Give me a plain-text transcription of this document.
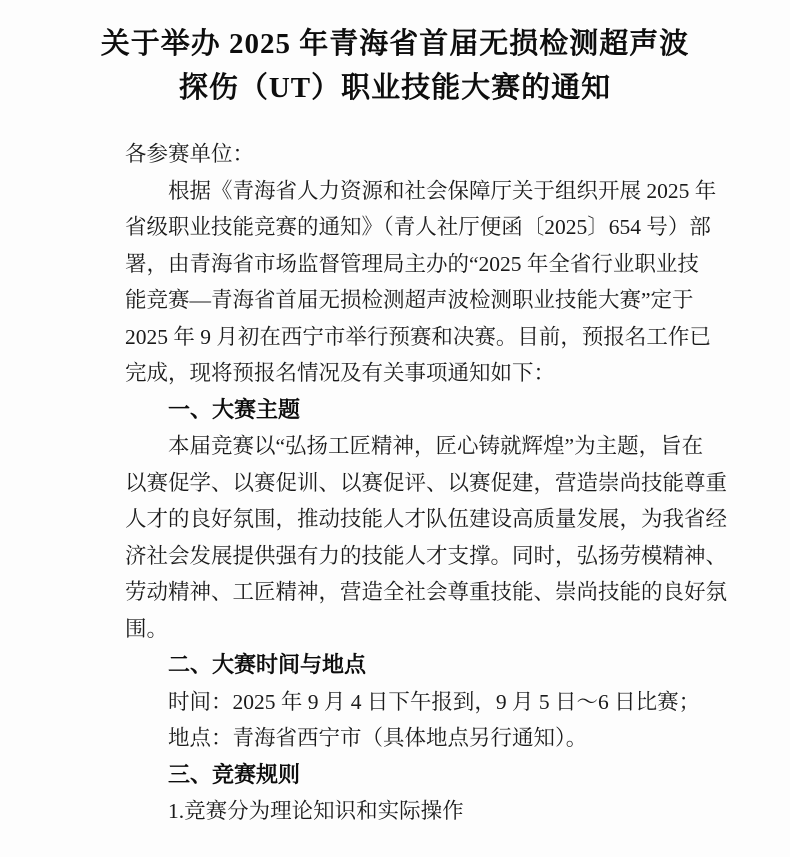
关于举办 2025 年青海省首届无损检测超声波
探伤（UT）职业技能大赛的通知
各参赛单位：
根据《青海省人力资源和社会保障厅关于组织开展 2025 年
省级职业技能竞赛的通知》（青人社厅便函〔2025〕654 号）部
署，由青海省市场监督管理局主办的“2025 年全省行业职业技
能竞赛—青海省首届无损检测超声波检测职业技能大赛”定于
2025 年 9 月初在西宁市举行预赛和决赛。目前，预报名工作已
完成，现将预报名情况及有关事项通知如下：
一、大赛主题
本届竞赛以“弘扬工匠精神，匠心铸就辉煌”为主题，旨在
以赛促学、以赛促训、以赛促评、以赛促建，营造崇尚技能尊重
人才的良好氛围，推动技能人才队伍建设高质量发展，为我省经
济社会发展提供强有力的技能人才支撑。同时，弘扬劳模精神、
劳动精神、工匠精神，营造全社会尊重技能、崇尚技能的良好氛
围。
二、大赛时间与地点
时间：2025 年 9 月 4 日下午报到，9 月 5 日～6 日比赛；
地点：青海省西宁市（具体地点另行通知）。
三、竞赛规则
1.竞赛分为理论知识和实际操作
